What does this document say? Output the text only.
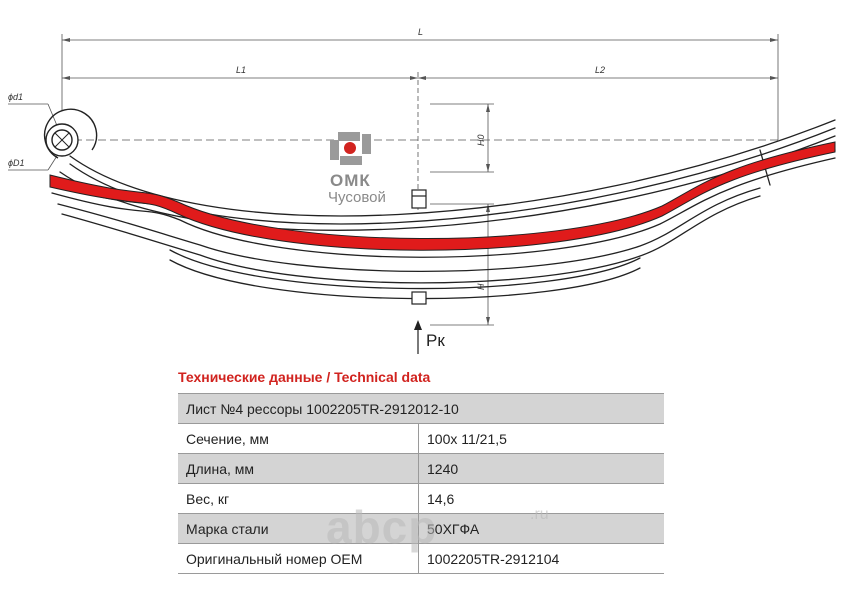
L
L1	L2
H0
H
ϕd1
ϕD1
Pк
ОМК
Чусовой
Технические данные / Technical data
Лист №4 рессоры 1002205TR-2912012-10	
Сечение, мм	100х 11/21,5
Длина, мм	1240
Вес, кг	14,6
Марка стали	50ХГФА
Оригинальный номер OEM	1002205TR-2912104
abcp	.ru
